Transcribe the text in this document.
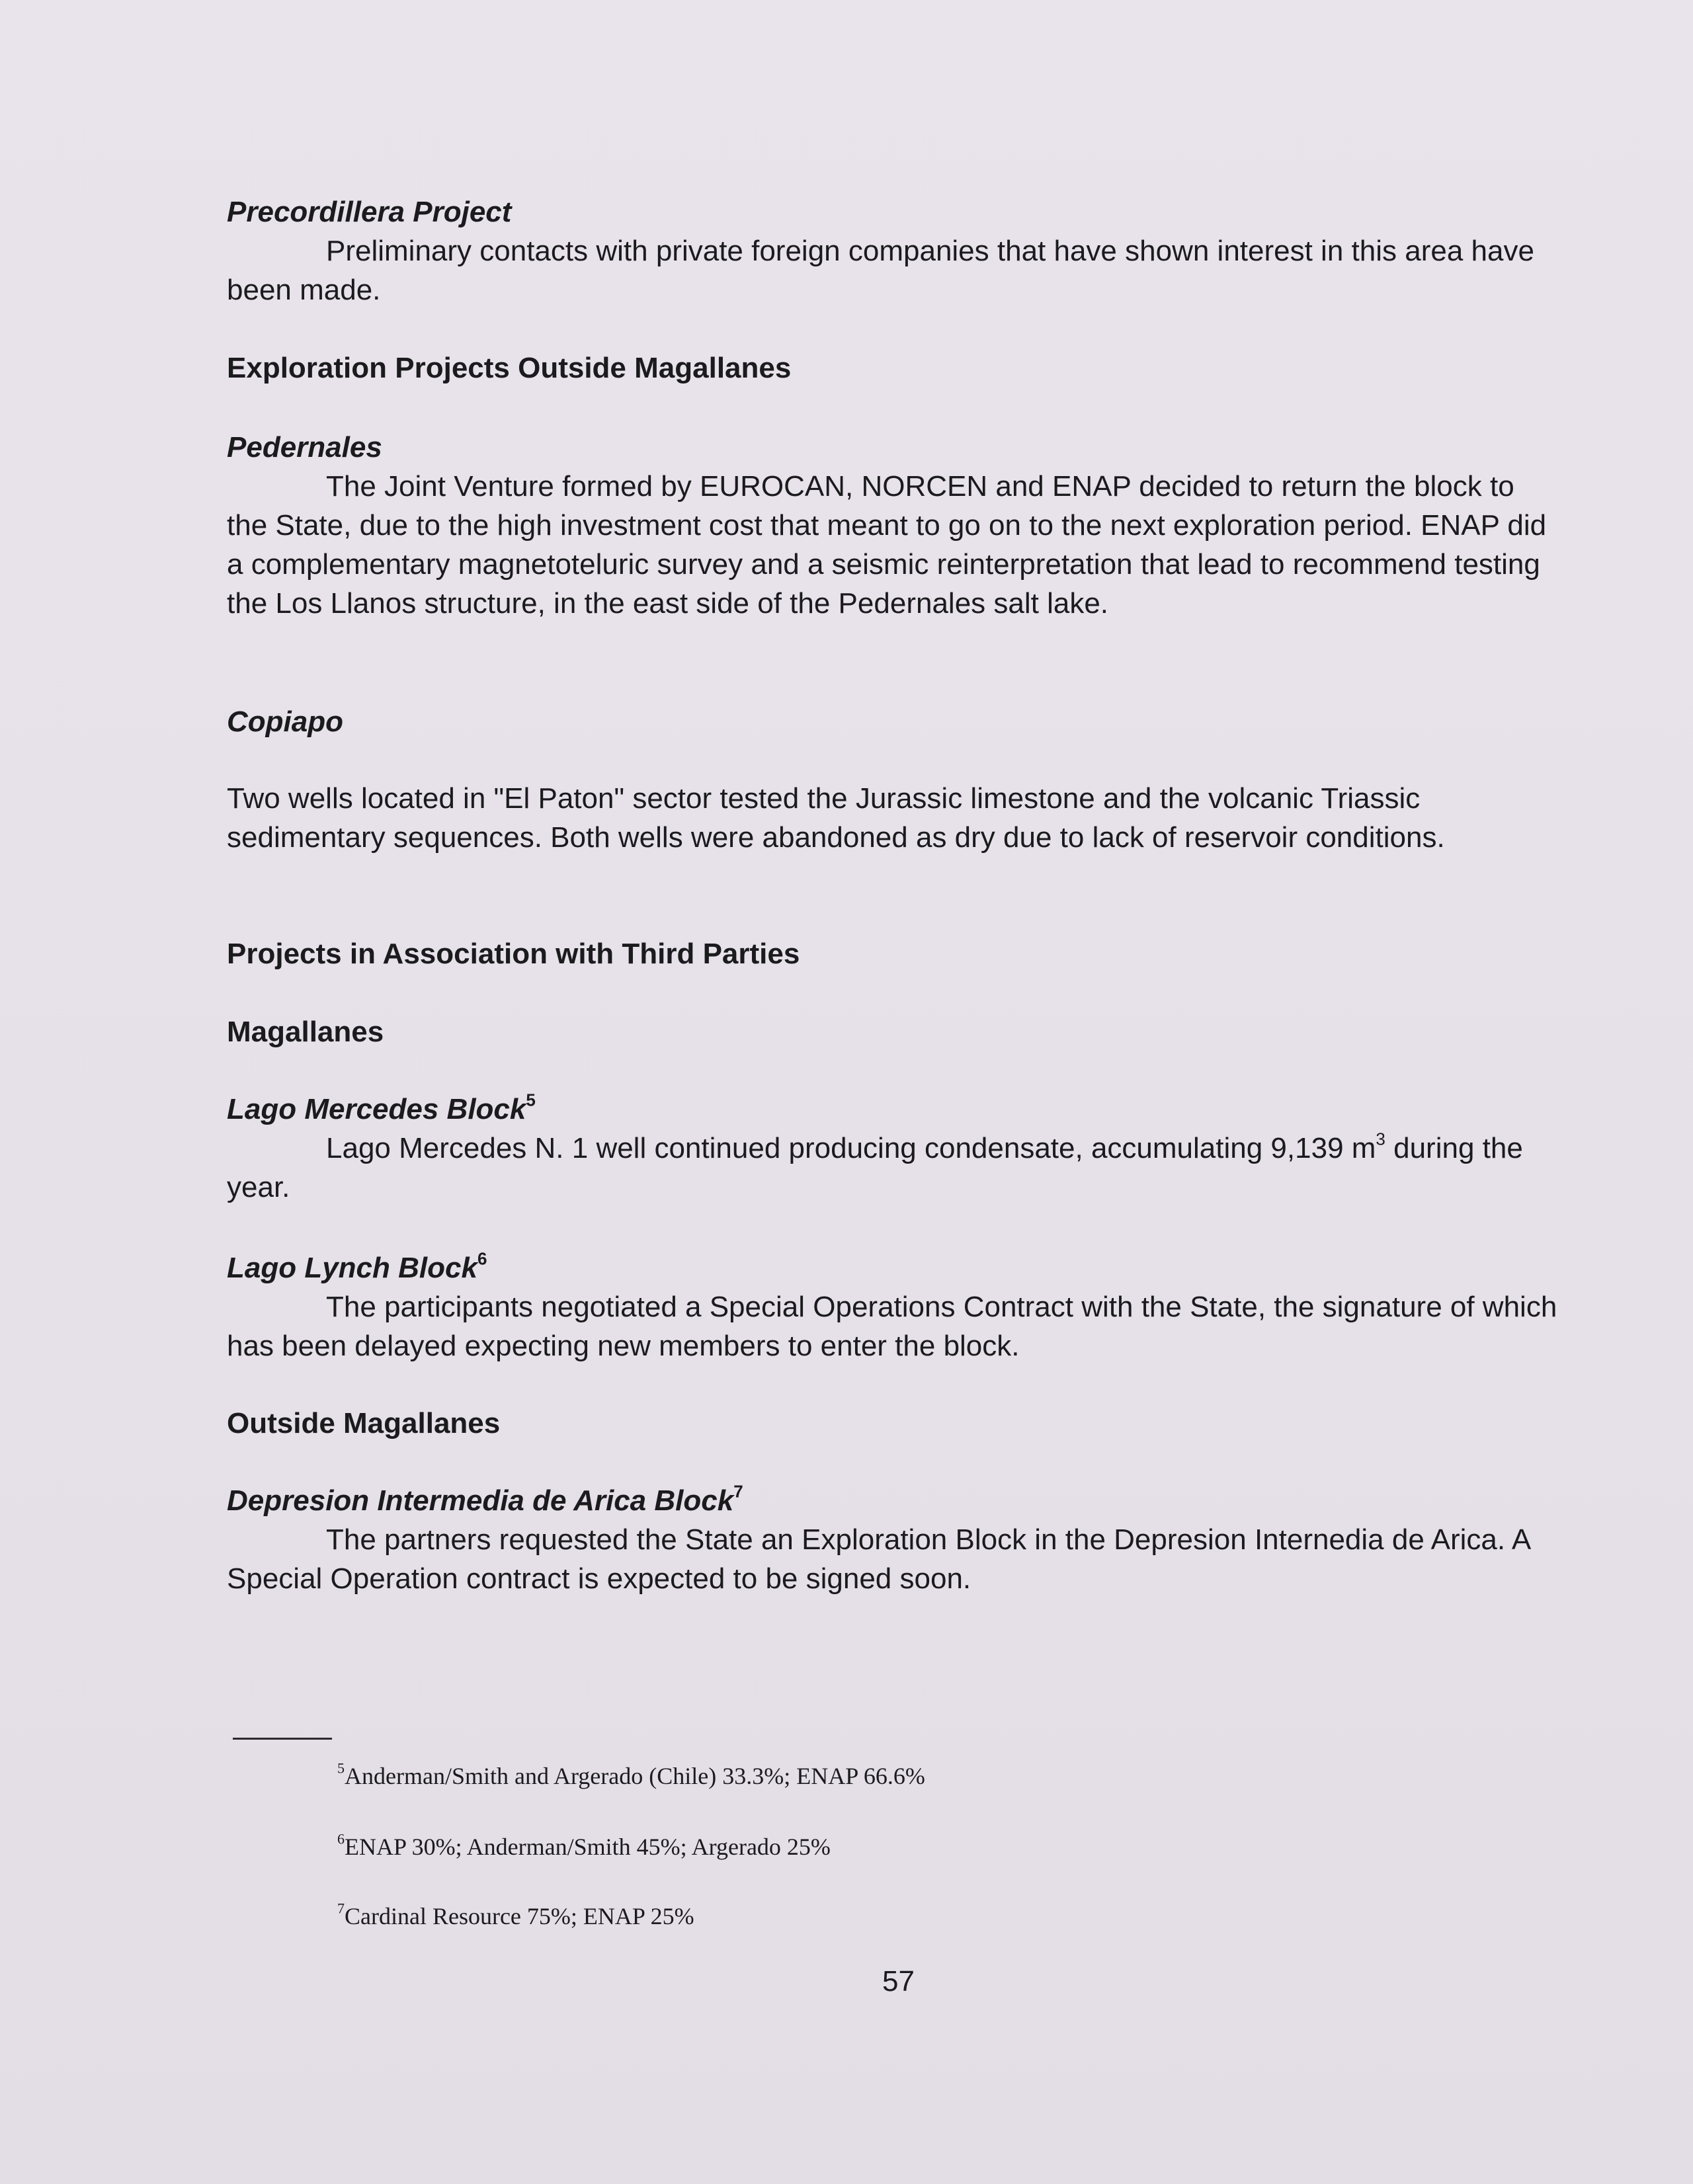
Precordillera Project

Preliminary contacts with private foreign companies that have shown interest in this area have been made.

Exploration Projects Outside Magallanes

Pedernales

The Joint Venture formed by EUROCAN, NORCEN and ENAP decided to return the block to the State, due to the high investment cost that meant to go on to the next exploration period. ENAP did a complementary magnetoteluric survey and a seismic reinterpretation that lead to recommend testing the Los Llanos structure, in the east side of the Pedernales salt lake.

Copiapo

Two wells located in "El Paton" sector tested the Jurassic limestone and the volcanic Triassic sedimentary sequences. Both wells were abandoned as dry due to lack of reservoir conditions.

Projects in Association with Third Parties

Magallanes

Lago Mercedes Block$^5$

Lago Mercedes N. 1 well continued producing condensate, accumulating 9,139 $m^3$ during the year.

Lago Lynch Block$^6$

The participants negotiated a Special Operations Contract with the State, the signature of which has been delayed expecting new members to enter the block.

Outside Magallanes

Depresion Intermedia de Arica Block$^7$

The partners requested the State an Exploration Block in the Depresion Internedia de Arica. A Special Operation contract is expected to be signed soon.

$^5$Anderman/Smith and Argerado (Chile) 33.3%; ENAP 66.6%
$^6$ENAP 30%; Anderman/Smith 45%; Argerado 25%
$^7$Cardinal Resource 75%; ENAP 25%
57
